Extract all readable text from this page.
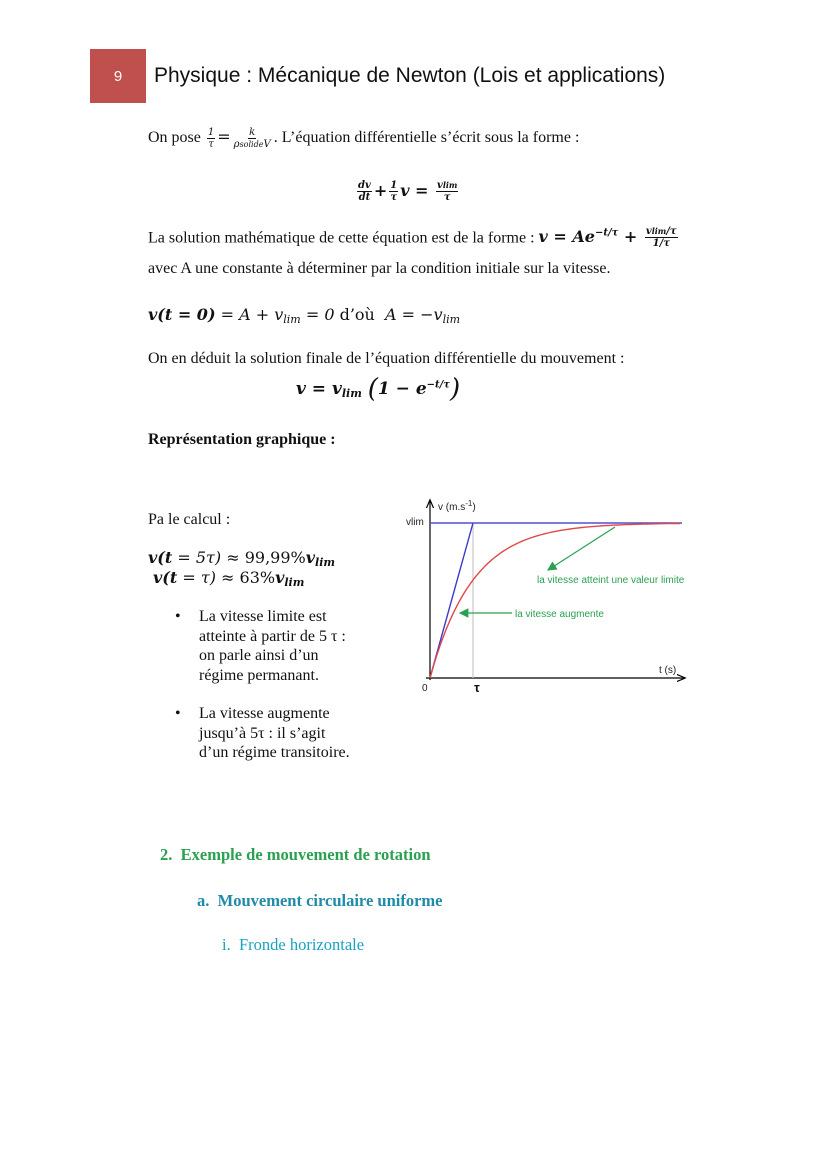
9 Physique : Mécanique de Newton (Lois et applications)
On pose $\frac{1}{\tau} = \frac{k}{\text{ρsolideV}}$ . L’équation différentielle s’écrit sous la forme :
$\frac{dv}{dt} + \frac{1}{\tau}$ $v = \frac{vlim}{\tau}$
La solution mathématique de cette équation est de la forme : $v = Ae^{-t/\tau} + \frac{vlim/\tau}{1/\tau}$
avec A une constante à déterminer par la condition initiale sur la vitesse.
$v(t = 0) = A + v_{lim} = 0$ d’où  $A = -v_{lim}$
On en déduit la solution finale de l’équation différentielle du mouvement :
$v = v_{lim}$ $(1 - e^{-t/\tau})$
Représentation graphique :
Pa le calcul :
$v(t = 5\tau) \approx 99,99\%v_{lim}$
$v(t = \tau) \approx 63\%v_{lim}$
•	La vitesse limite est atteinte à partir de 5 τ : on parle ainsi d’un régime permanant.
•	La vitesse augmente jusqu’à 5τ : il s’agit d’un régime transitoire.
v $(m.s^{-1})$
vlim
t (s)
0	τ
la vitesse atteint une valeur limite
la vitesse augmente
2. Exemple de mouvement de rotation
a. Mouvement circulaire uniforme
i. Fronde horizontale
